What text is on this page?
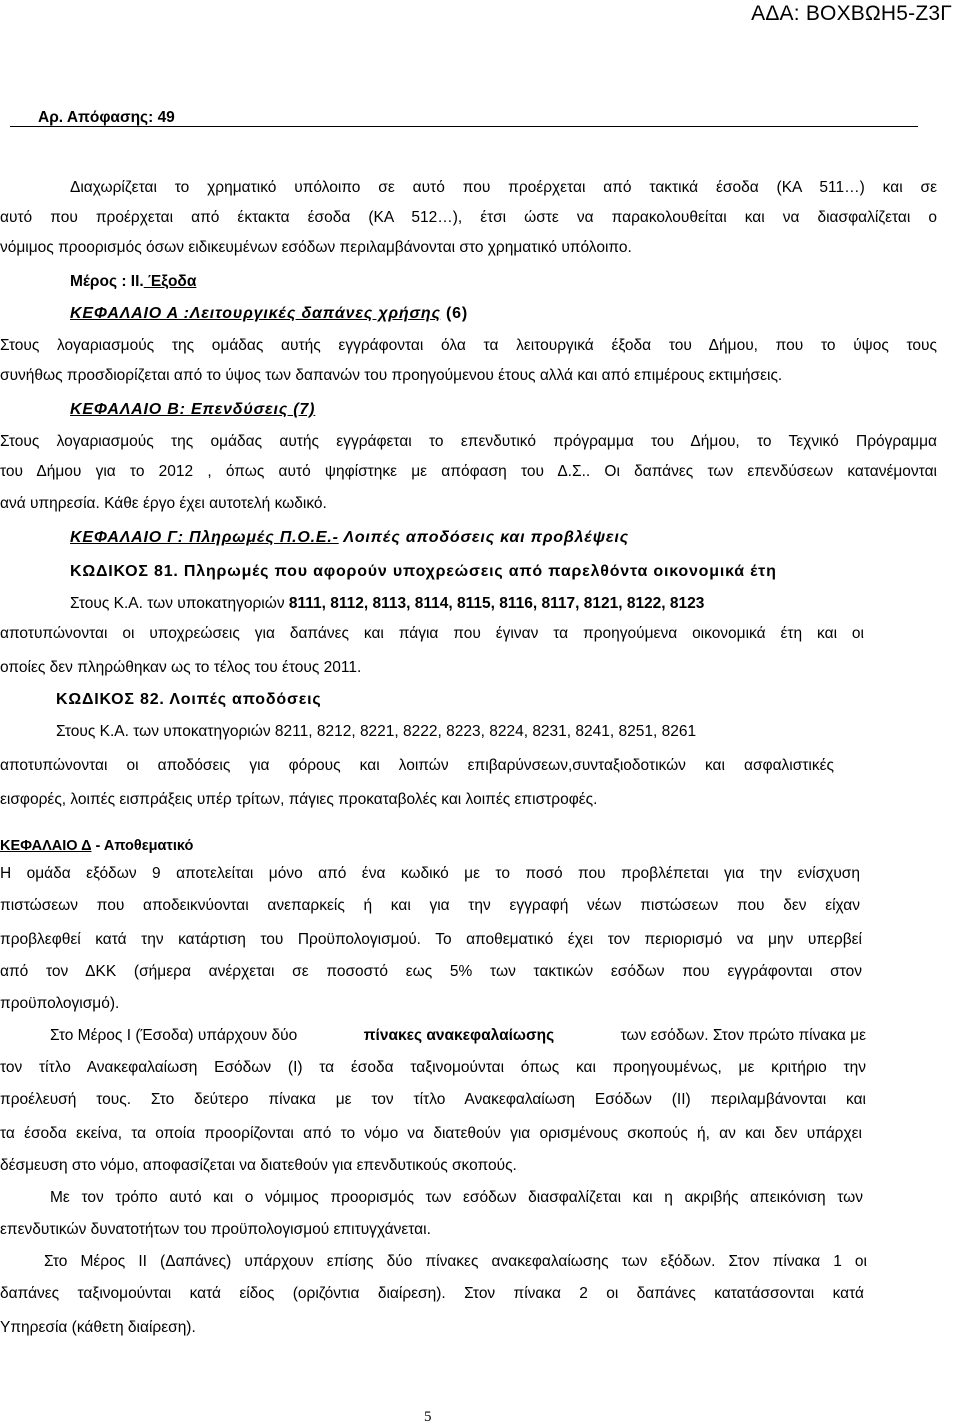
ΑΔΑ: ΒΟΧΒΩΗ5-Ζ3Γ
Αρ. Απόφασης: 49
Διαχωρίζεται το χρηματικό υπόλοιπο σε αυτό που προέρχεται από τακτικά έσοδα (ΚΑ 511…) και σε
αυτό που προέρχεται από έκτακτα έσοδα (ΚΑ 512…), έτσι ώστε να παρακολουθείται και να διασφαλίζεται ο
νόμιμος προορισμός όσων ειδικευμένων εσόδων περιλαμβάνονται στο χρηματικό υπόλοιπο.
Μέρος : ΙΙ. Έξοδα
ΚΕΦΑΛΑΙΟ Α :Λειτουργικές δαπάνες χρήσης (6)
Στους λογαριασμούς της ομάδας αυτής εγγράφονται όλα τα λειτουργικά έξοδα του Δήμου, που το ύψος τους
συνήθως προσδιορίζεται από το ύψος των δαπανών του προηγούμενου έτους αλλά και από επιμέρους εκτιμήσεις.
ΚΕΦΑΛΑΙΟ Β: Επενδύσεις (7)
Στους λογαριασμούς της ομάδας αυτής εγγράφεται το επενδυτικό πρόγραμμα του Δήμου, το Τεχνικό Πρόγραμμα
του Δήμου για το 2012 , όπως αυτό ψηφίστηκε με απόφαση του Δ.Σ.. Οι δαπάνες των επενδύσεων κατανέμονται
ανά υπηρεσία. Κάθε έργο έχει αυτοτελή κωδικό.
ΚΕΦΑΛΑΙΟ Γ: Πληρωμές Π.Ο.Ε.- Λοιπές αποδόσεις και προβλέψεις
ΚΩΔΙΚΟΣ 81. Πληρωμές που αφορούν υποχρεώσεις από παρελθόντα οικονομικά έτη
Στους Κ.Α. των υποκατηγοριών 8111, 8112, 8113, 8114, 8115, 8116, 8117, 8121, 8122, 8123
αποτυπώνονται οι υποχρεώσεις για δαπάνες και πάγια που έγιναν τα προηγούμενα οικονομικά έτη και οι
οποίες δεν πληρώθηκαν ως το τέλος του έτους 2011.
ΚΩΔΙΚΟΣ 82. Λοιπές αποδόσεις
Στους Κ.Α. των υποκατηγοριών 8211, 8212, 8221, 8222, 8223, 8224, 8231, 8241, 8251, 8261
αποτυπώνονται οι αποδόσεις για φόρους και λοιπών επιβαρύνσεων,συνταξιοδοτικών και ασφαλιστικές
εισφορές, λοιπές εισπράξεις υπέρ τρίτων, πάγιες προκαταβολές και λοιπές επιστροφές.
ΚΕΦΑΛΑΙΟ Δ - Αποθεματικό
Η ομάδα εξόδων 9 αποτελείται μόνο από ένα κωδικό με το ποσό που προβλέπεται για την ενίσχυση
πιστώσεων που αποδεικνύονται ανεπαρκείς ή και για την εγγραφή νέων πιστώσεων που δεν είχαν
προβλεφθεί κατά την κατάρτιση του Προϋπολογισμού. Το αποθεματικό έχει τον περιορισμό να μην υπερβεί
από τον ΔΚΚ (σήμερα ανέρχεται σε ποσοστό εως 5% των τακτικών εσόδων που εγγράφονται στον
προϋπολογισμό).
Στο Μέρος Ι (Έσοδα) υπάρχουν δύο	πίνακες ανακεφαλαίωσης	των εσόδων. Στον πρώτο πίνακα με
τον τίτλο Ανακεφαλαίωση Εσόδων (Ι) τα έσοδα ταξινομούνται όπως και προηγουμένως, με κριτήριο την
προέλευσή τους. Στο δεύτερο πίνακα με τον τίτλο Ανακεφαλαίωση Εσόδων (ΙΙ) περιλαμβάνονται και
τα έσοδα εκείνα, τα οποία προορίζονται από το νόμο να διατεθούν για ορισμένους σκοπούς ή, αν και δεν υπάρχει
δέσμευση στο νόμο, αποφασίζεται να διατεθούν για επενδυτικούς σκοπούς.
Με τον τρόπο αυτό και ο νόμιμος προορισμός των εσόδων διασφαλίζεται και η ακριβής απεικόνιση των
επενδυτικών δυνατοτήτων του προϋπολογισμού επιτυγχάνεται.
Στο Μέρος ΙΙ (Δαπάνες) υπάρχουν επίσης δύο πίνακες ανακεφαλαίωσης των εξόδων. Στον πίνακα 1 οι
δαπάνες ταξινομούνται κατά είδος (οριζόντια διαίρεση). Στον πίνακα 2 οι δαπάνες κατατάσσονται κατά
Υπηρεσία (κάθετη διαίρεση).
5
